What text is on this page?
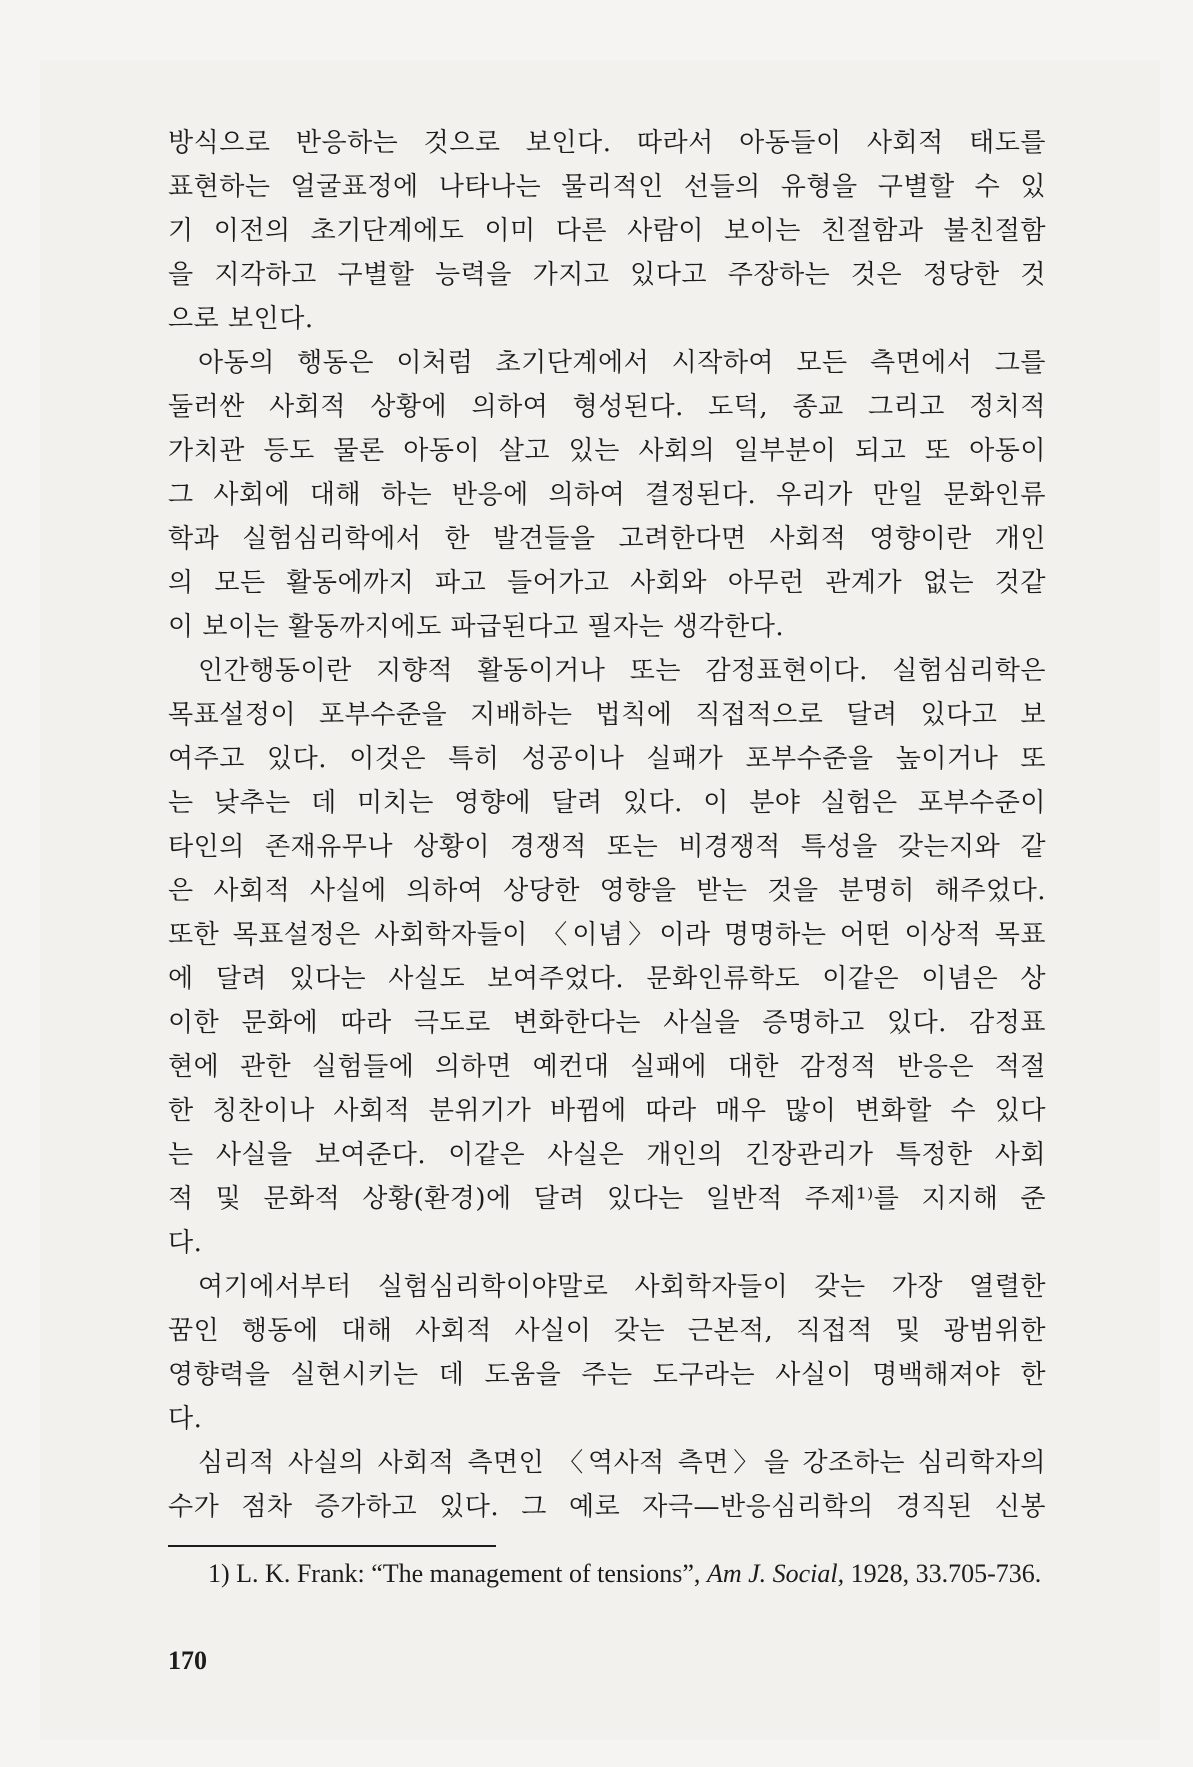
방식으로 반응하는 것으로 보인다. 따라서 아동들이 사회적 태도를
표현하는 얼굴표정에 나타나는 물리적인 선들의 유형을 구별할 수 있
기 이전의 초기단계에도 이미 다른 사람이 보이는 친절함과 불친절함
을 지각하고 구별할 능력을 가지고 있다고 주장하는 것은 정당한 것
으로 보인다.
아동의 행동은 이처럼 초기단계에서 시작하여 모든 측면에서 그를
둘러싼 사회적 상황에 의하여 형성된다. 도덕, 종교 그리고 정치적
가치관 등도 물론 아동이 살고 있는 사회의 일부분이 되고 또 아동이
그 사회에 대해 하는 반응에 의하여 결정된다. 우리가 만일 문화인류
학과 실험심리학에서 한 발견들을 고려한다면 사회적 영향이란 개인
의 모든 활동에까지 파고 들어가고 사회와 아무런 관계가 없는 것같
이 보이는 활동까지에도 파급된다고 필자는 생각한다.
인간행동이란 지향적 활동이거나 또는 감정표현이다. 실험심리학은
목표설정이 포부수준을 지배하는 법칙에 직접적으로 달려 있다고 보
여주고 있다. 이것은 특히 성공이나 실패가 포부수준을 높이거나 또
는 낮추는 데 미치는 영향에 달려 있다. 이 분야 실험은 포부수준이
타인의 존재유무나 상황이 경쟁적 또는 비경쟁적 특성을 갖는지와 같
은 사회적 사실에 의하여 상당한 영향을 받는 것을 분명히 해주었다.
또한 목표설정은 사회학자들이 〈이념〉이라 명명하는 어떤 이상적 목표
에 달려 있다는 사실도 보여주었다. 문화인류학도 이같은 이념은 상
이한 문화에 따라 극도로 변화한다는 사실을 증명하고 있다. 감정표
현에 관한 실험들에 의하면 예컨대 실패에 대한 감정적 반응은 적절
한 칭찬이나 사회적 분위기가 바뀜에 따라 매우 많이 변화할 수 있다
는 사실을 보여준다. 이같은 사실은 개인의 긴장관리가 특정한 사회
적 및 문화적 상황(환경)에 달려 있다는 일반적 주제¹⁾를 지지해 준
다.
여기에서부터 실험심리학이야말로 사회학자들이 갖는 가장 열렬한
꿈인 행동에 대해 사회적 사실이 갖는 근본적, 직접적 및 광범위한
영향력을 실현시키는 데 도움을 주는 도구라는 사실이 명백해져야 한
다.
심리적 사실의 사회적 측면인 〈역사적 측면〉을 강조하는 심리학자의
수가 점차 증가하고 있다. 그 예로 자극—반응심리학의 경직된 신봉
1) L. K. Frank: “The management of tensions”, Am J. Social, 1928, 33.705-736.
170
